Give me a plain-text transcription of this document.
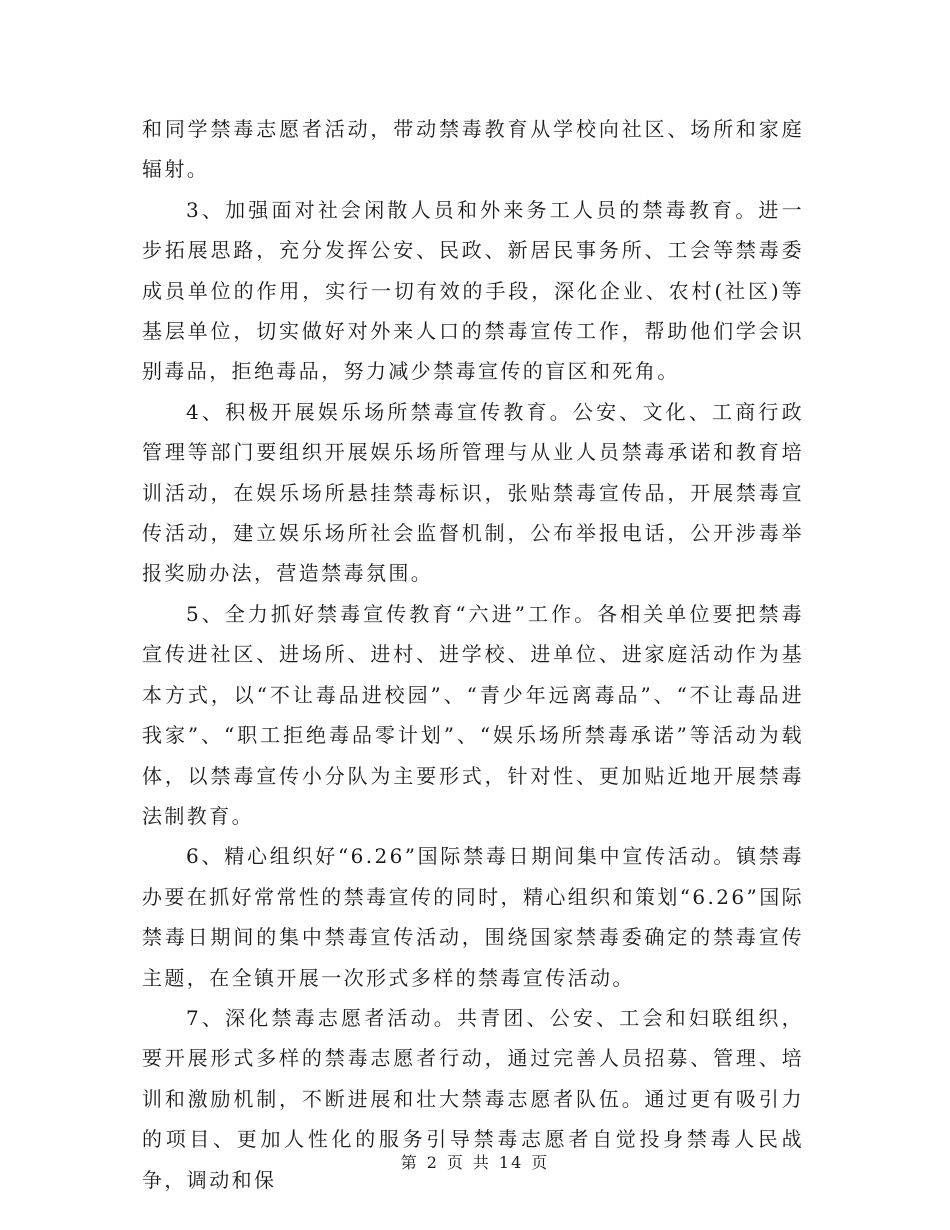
和同学禁毒志愿者活动，带动禁毒教育从学校向社区、场所和家庭辐射。

3、加强面对社会闲散人员和外来务工人员的禁毒教育。进一步拓展思路，充分发挥公安、民政、新居民事务所、工会等禁毒委成员单位的作用，实行一切有效的手段，深化企业、农村(社区)等基层单位，切实做好对外来人口的禁毒宣传工作，帮助他们学会识别毒品，拒绝毒品，努力减少禁毒宣传的盲区和死角。

4、积极开展娱乐场所禁毒宣传教育。公安、文化、工商行政管理等部门要组织开展娱乐场所管理与从业人员禁毒承诺和教育培训活动，在娱乐场所悬挂禁毒标识，张贴禁毒宣传品，开展禁毒宣传活动，建立娱乐场所社会监督机制，公布举报电话，公开涉毒举报奖励办法，营造禁毒氛围。

5、全力抓好禁毒宣传教育“六进”工作。各相关单位要把禁毒宣传进社区、进场所、进村、进学校、进单位、进家庭活动作为基本方式，以“不让毒品进校园”、“青少年远离毒品”、“不让毒品进我家”、“职工拒绝毒品零计划”、“娱乐场所禁毒承诺”等活动为载体，以禁毒宣传小分队为主要形式，针对性、更加贴近地开展禁毒法制教育。

6、精心组织好“6.26”国际禁毒日期间集中宣传活动。镇禁毒办要在抓好常常性的禁毒宣传的同时，精心组织和策划“6.26”国际禁毒日期间的集中禁毒宣传活动，围绕国家禁毒委确定的禁毒宣传主题，在全镇开展一次形式多样的禁毒宣传活动。

7、深化禁毒志愿者活动。共青团、公安、工会和妇联组织，要开展形式多样的禁毒志愿者行动，通过完善人员招募、管理、培训和激励机制，不断进展和壮大禁毒志愿者队伍。通过更有吸引力的项目、更加人性化的服务引导禁毒志愿者自觉投身禁毒人民战争，调动和保

第 2 页 共 14 页
